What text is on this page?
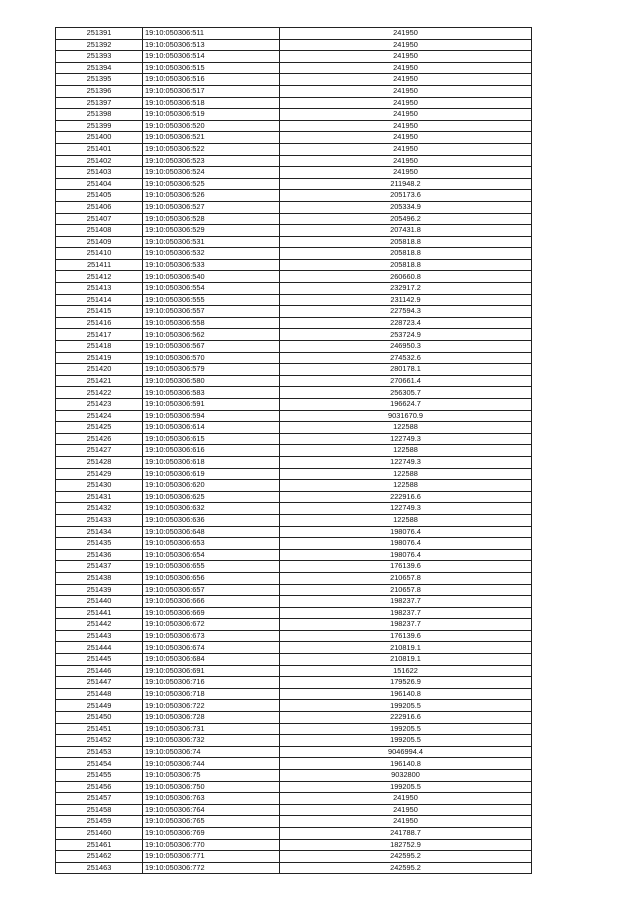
251391	19:10:050306:511	241950
251392	19:10:050306:513	241950
251393	19:10:050306:514	241950
251394	19:10:050306:515	241950
251395	19:10:050306:516	241950
251396	19:10:050306:517	241950
251397	19:10:050306:518	241950
251398	19:10:050306:519	241950
251399	19:10:050306:520	241950
251400	19:10:050306:521	241950
251401	19:10:050306:522	241950
251402	19:10:050306:523	241950
251403	19:10:050306:524	241950
251404	19:10:050306:525	211948.2
251405	19:10:050306:526	205173.6
251406	19:10:050306:527	205334.9
251407	19:10:050306:528	205496.2
251408	19:10:050306:529	207431.8
251409	19:10:050306:531	205818.8
251410	19:10:050306:532	205818.8
251411	19:10:050306:533	205818.8
251412	19:10:050306:540	260660.8
251413	19:10:050306:554	232917.2
251414	19:10:050306:555	231142.9
251415	19:10:050306:557	227594.3
251416	19:10:050306:558	228723.4
251417	19:10:050306:562	253724.9
251418	19:10:050306:567	246950.3
251419	19:10:050306:570	274532.6
251420	19:10:050306:579	280178.1
251421	19:10:050306:580	270661.4
251422	19:10:050306:583	256305.7
251423	19:10:050306:591	196624.7
251424	19:10:050306:594	9031670.9
251425	19:10:050306:614	122588
251426	19:10:050306:615	122749.3
251427	19:10:050306:616	122588
251428	19:10:050306:618	122749.3
251429	19:10:050306:619	122588
251430	19:10:050306:620	122588
251431	19:10:050306:625	222916.6
251432	19:10:050306:632	122749.3
251433	19:10:050306:636	122588
251434	19:10:050306:648	198076.4
251435	19:10:050306:653	198076.4
251436	19:10:050306:654	198076.4
251437	19:10:050306:655	176139.6
251438	19:10:050306:656	210657.8
251439	19:10:050306:657	210657.8
251440	19:10:050306:666	198237.7
251441	19:10:050306:669	198237.7
251442	19:10:050306:672	198237.7
251443	19:10:050306:673	176139.6
251444	19:10:050306:674	210819.1
251445	19:10:050306:684	210819.1
251446	19:10:050306:691	151622
251447	19:10:050306:716	179526.9
251448	19:10:050306:718	196140.8
251449	19:10:050306:722	199205.5
251450	19:10:050306:728	222916.6
251451	19:10:050306:731	199205.5
251452	19:10:050306:732	199205.5
251453	19:10:050306:74	9046994.4
251454	19:10:050306:744	196140.8
251455	19:10:050306:75	9032800
251456	19:10:050306:750	199205.5
251457	19:10:050306:763	241950
251458	19:10:050306:764	241950
251459	19:10:050306:765	241950
251460	19:10:050306:769	241788.7
251461	19:10:050306:770	182752.9
251462	19:10:050306:771	242595.2
251463	19:10:050306:772	242595.2
